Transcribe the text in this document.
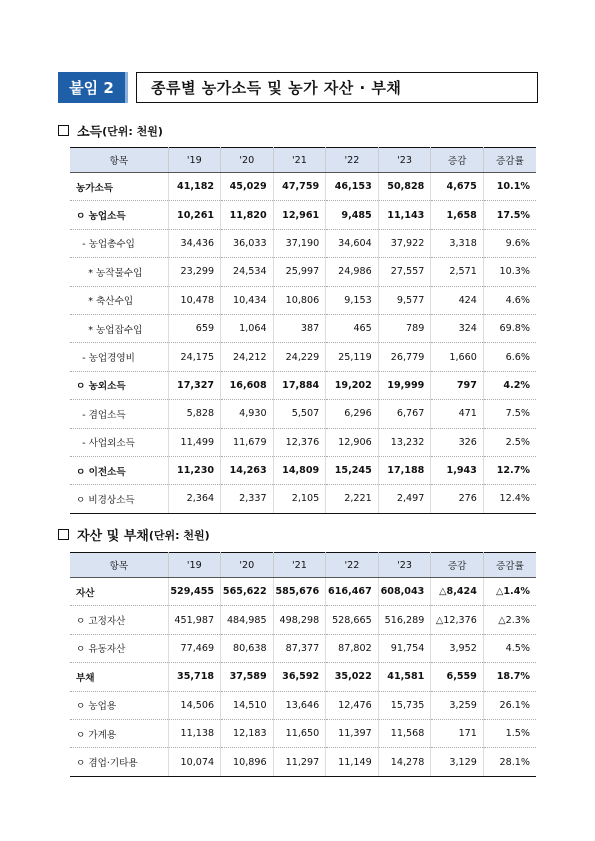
붙임 2	종류별 농가소득 및 농가 자산 · 부채
소득 (단위: 천원)
항목	'19	'20	'21	'22	'23	증감	증감률
농가소득	41,182	45,029	47,759	46,153	50,828	4,675	10.1%
ㅇ 농업소득	10,261	11,820	12,961	9,485	11,143	1,658	17.5%
- 농업총수입	34,436	36,033	37,190	34,604	37,922	3,318	9.6%
* 농작물수입	23,299	24,534	25,997	24,986	27,557	2,571	10.3%
* 축산수입	10,478	10,434	10,806	9,153	9,577	424	4.6%
* 농업잡수입	659	1,064	387	465	789	324	69.8%
- 농업경영비	24,175	24,212	24,229	25,119	26,779	1,660	6.6%
ㅇ 농외소득	17,327	16,608	17,884	19,202	19,999	797	4.2%
- 겸업소득	5,828	4,930	5,507	6,296	6,767	471	7.5%
- 사업외소득	11,499	11,679	12,376	12,906	13,232	326	2.5%
ㅇ 이전소득	11,230	14,263	14,809	15,245	17,188	1,943	12.7%
ㅇ 비경상소득	2,364	2,337	2,105	2,221	2,497	276	12.4%
자산 및 부채 (단위: 천원)
항목	'19	'20	'21	'22	'23	증감	증감률
자산	529,455	565,622	585,676	616,467	608,043	△8,424	△1.4%
ㅇ 고정자산	451,987	484,985	498,298	528,665	516,289	△12,376	△2.3%
ㅇ 유동자산	77,469	80,638	87,377	87,802	91,754	3,952	4.5%
부채	35,718	37,589	36,592	35,022	41,581	6,559	18.7%
ㅇ 농업용	14,506	14,510	13,646	12,476	15,735	3,259	26.1%
ㅇ 가계용	11,138	12,183	11,650	11,397	11,568	171	1.5%
ㅇ 겸업·기타용	10,074	10,896	11,297	11,149	14,278	3,129	28.1%
